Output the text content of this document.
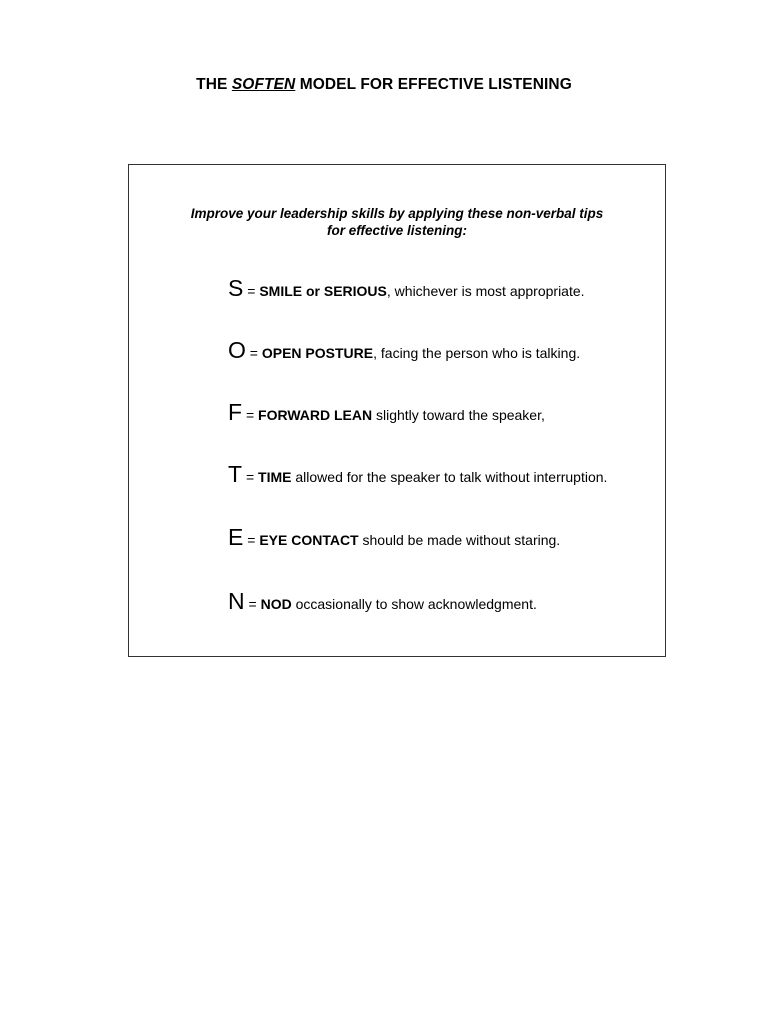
THE SOFTEN MODEL FOR EFFECTIVE LISTENING
Improve your leadership skills by applying these non-verbal tips
for effective listening:
S = SMILE or SERIOUS, whichever is most appropriate.
O = OPEN POSTURE, facing the person who is talking.
F = FORWARD LEAN slightly toward the speaker,
T = TIME allowed for the speaker to talk without interruption.
E = EYE CONTACT should be made without staring.
N = NOD occasionally to show acknowledgment.
